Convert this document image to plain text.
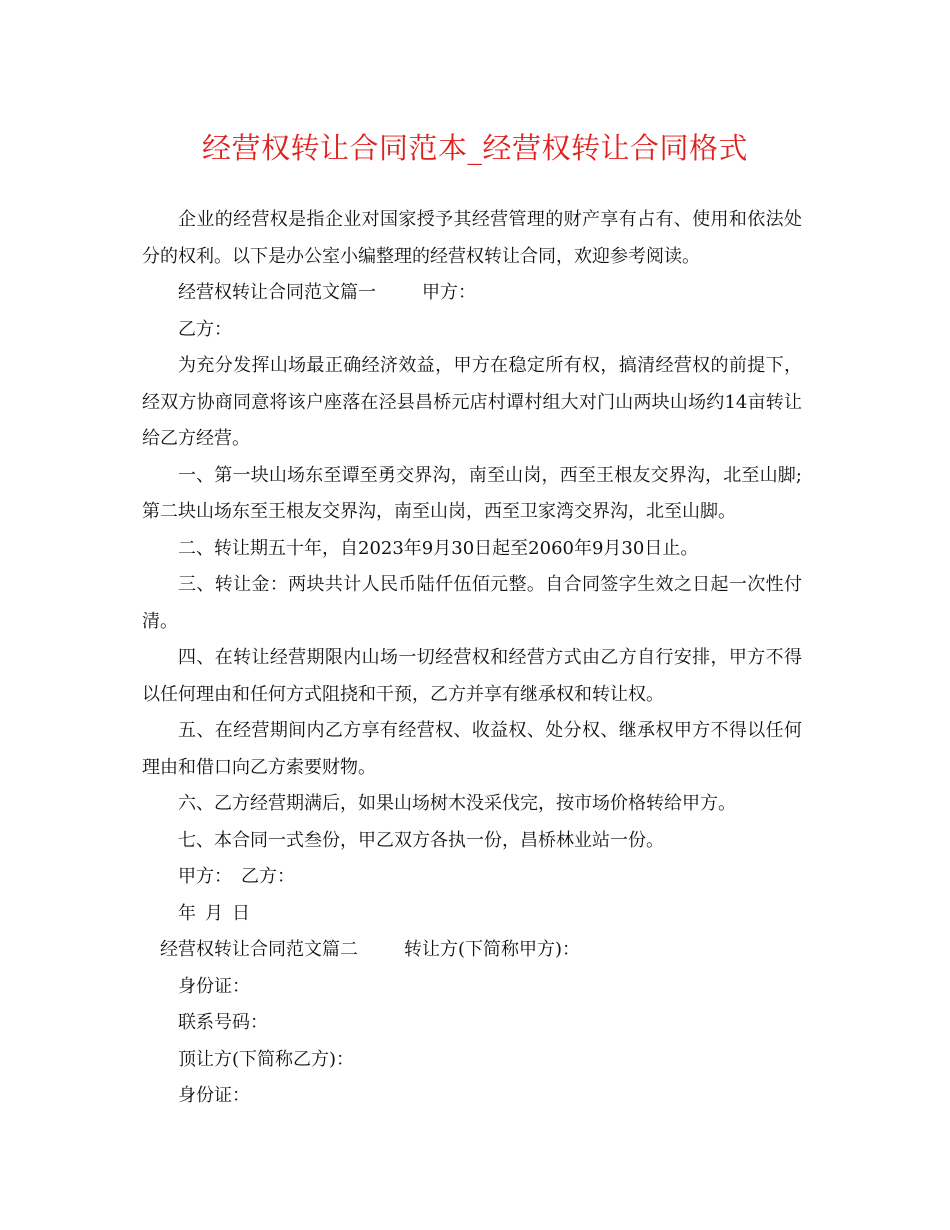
经营权转让合同范本_经营权转让合同格式

企业的经营权是指企业对国家授予其经营管理的财产享有占有、使用和依法处分的权利。以下是办公室小编整理的经营权转让合同，欢迎参考阅读。

经营权转让合同范文篇一	甲方：

乙方：

为充分发挥山场最正确经济效益，甲方在稳定所有权，搞清经营权的前提下，经双方协商同意将该户座落在泾县昌桥元店村谭村组大对门山两块山场约14亩转让给乙方经营。

一、第一块山场东至谭至勇交界沟，南至山岗，西至王根友交界沟，北至山脚;第二块山场东至王根友交界沟，南至山岗，西至卫家湾交界沟，北至山脚。

二、转让期五十年，自2023年9月30日起至2060年9月30日止。

三、转让金：两块共计人民币陆仟伍佰元整。自合同签字生效之日起一次性付清。

四、在转让经营期限内山场一切经营权和经营方式由乙方自行安排，甲方不得以任何理由和任何方式阻挠和干预，乙方并享有继承权和转让权。

五、在经营期间内乙方享有经营权、收益权、处分权、继承权甲方不得以任何理由和借口向乙方索要财物。

六、乙方经营期满后，如果山场树木没采伐完，按市场价格转给甲方。

七、本合同一式叁份，甲乙双方各执一份，昌桥林业站一份。

甲方： 乙方：

年 月 日

经营权转让合同范文篇二	转让方(下简称甲方)：

身份证：

联系号码：

顶让方(下简称乙方)：

身份证：
